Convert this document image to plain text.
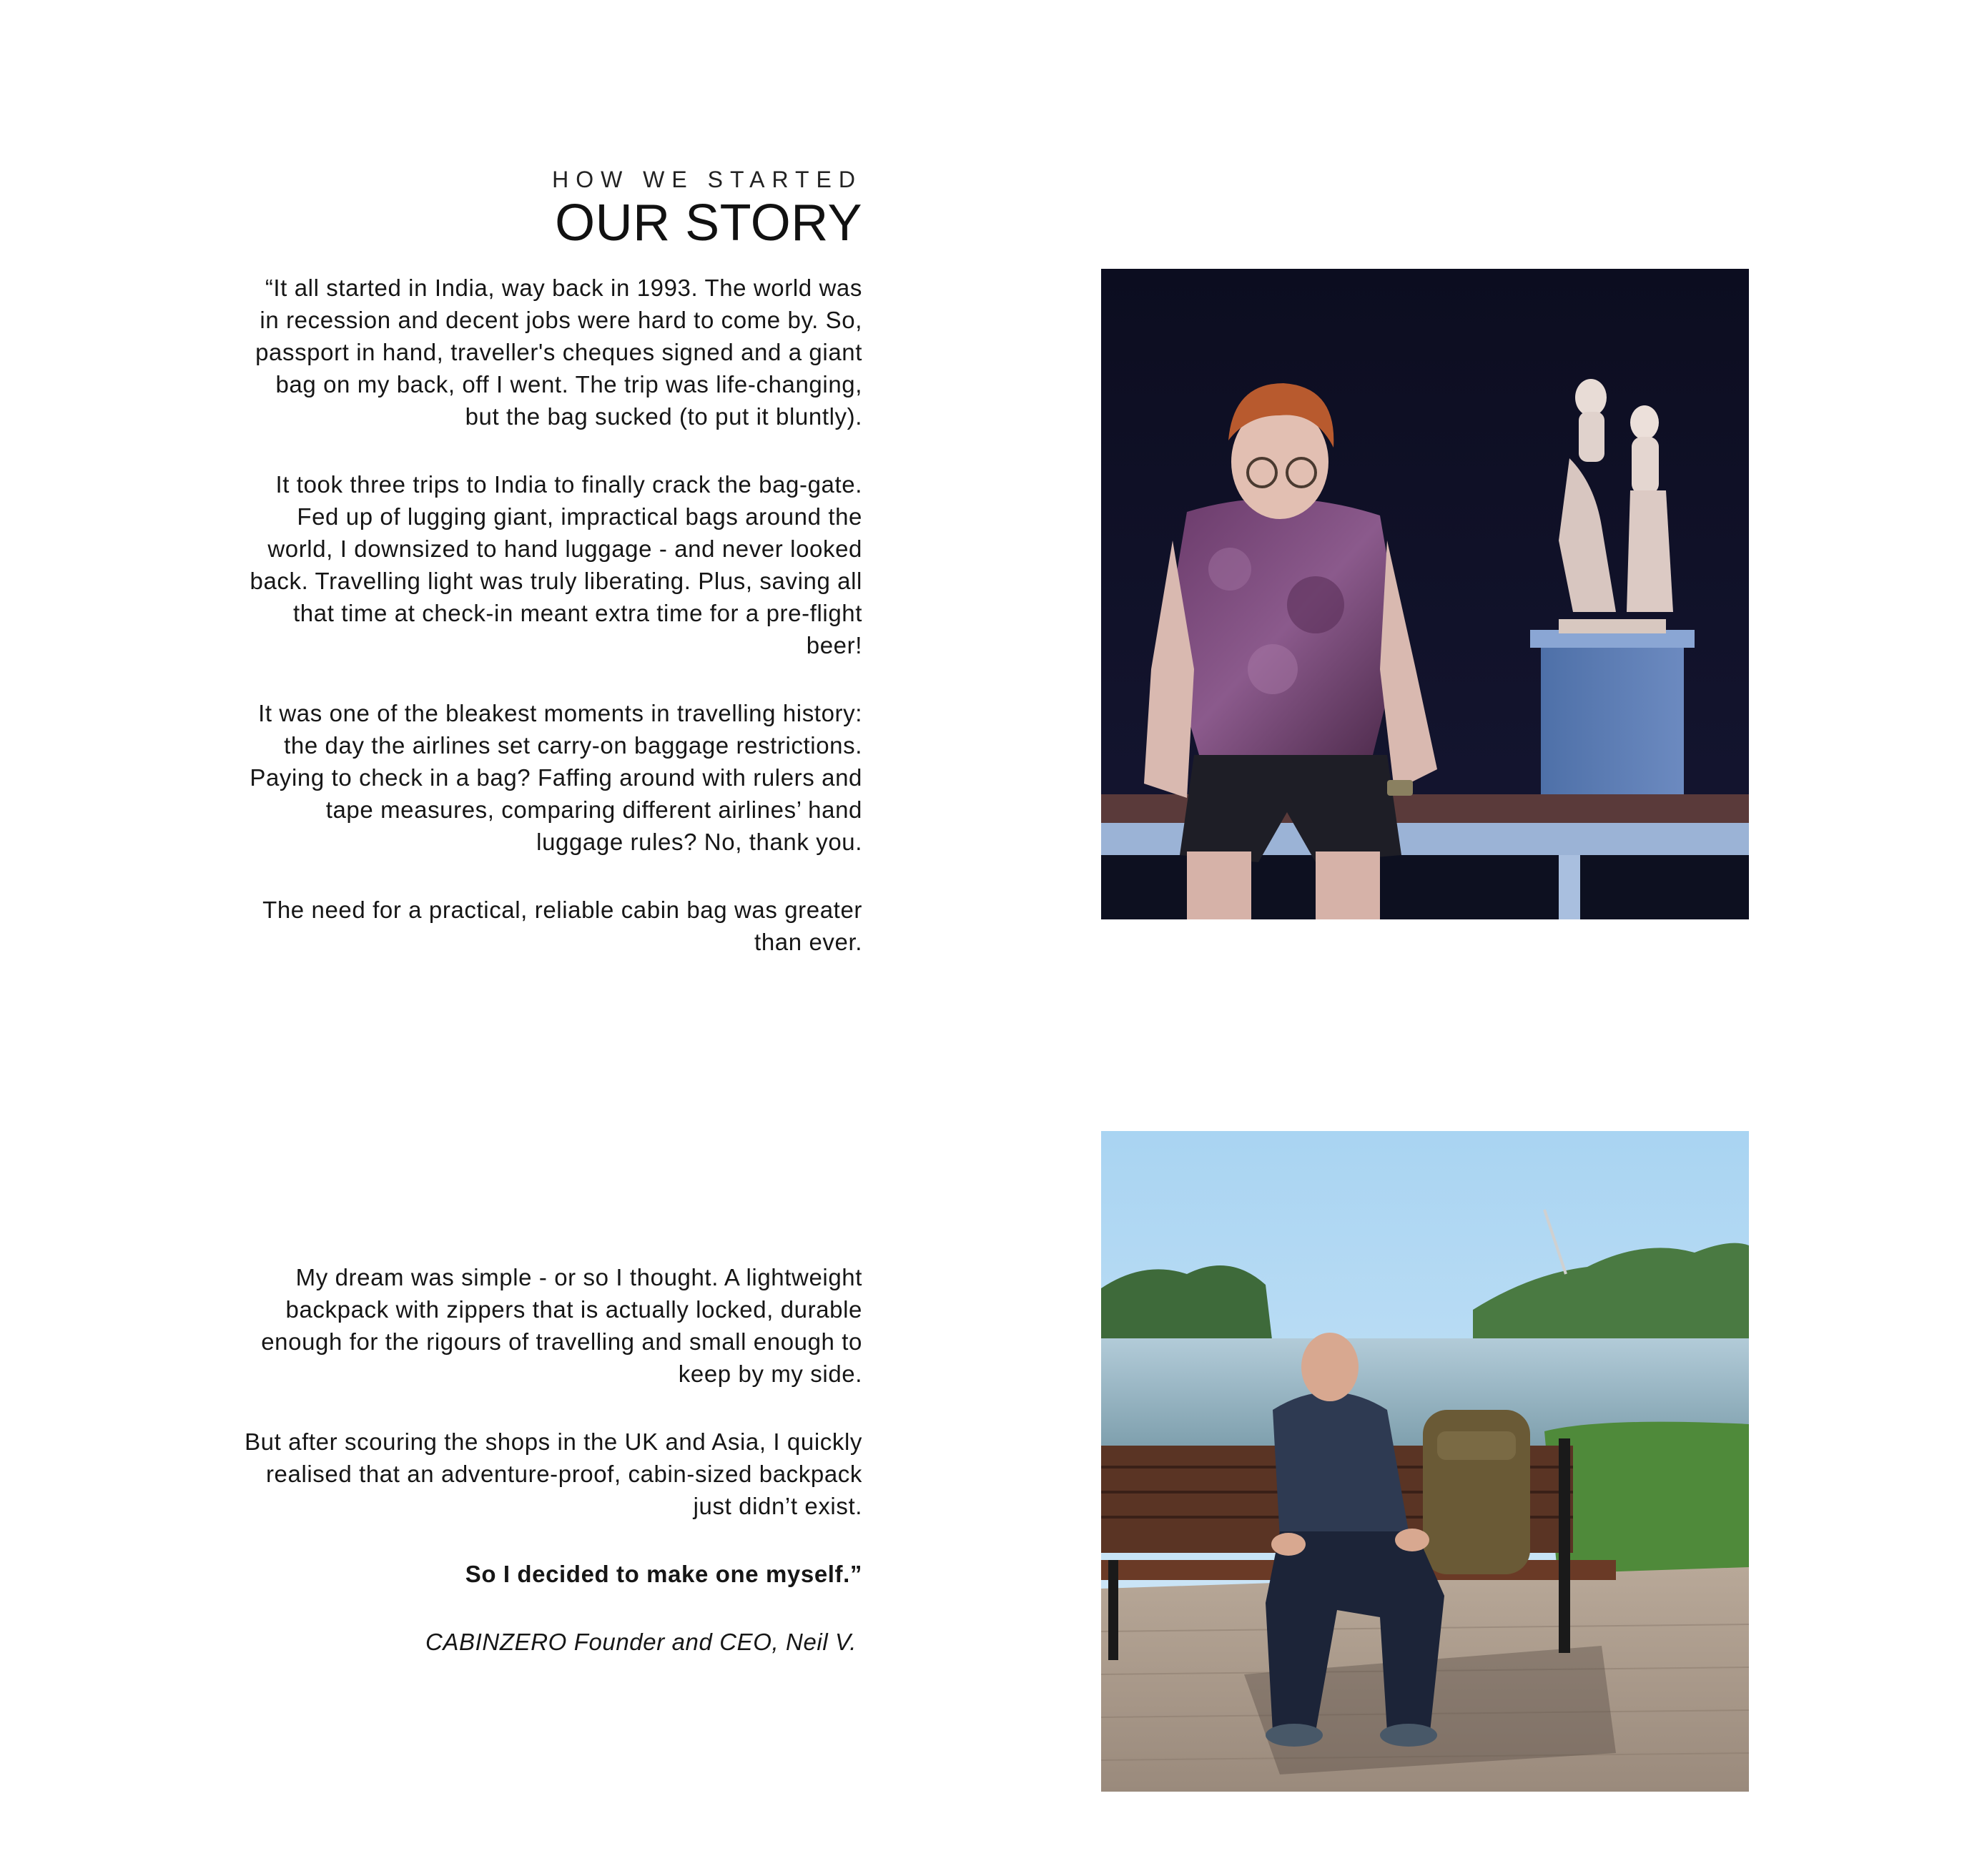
HOW WE STARTED
OUR STORY

“It all started in India, way back in 1993. The world was in recession and decent jobs were hard to come by. So, passport in hand, traveller's cheques signed and a giant bag on my back, off I went. The trip was life-changing, but the bag sucked (to put it bluntly).

It took three trips to India to finally crack the bag-gate. Fed up of lugging giant, impractical bags around the world, I downsized to hand luggage - and never looked back. Travelling light was truly liberating. Plus, saving all that time at check-in meant extra time for a pre-flight beer!

It was one of the bleakest moments in travelling history: the day the airlines set carry-on baggage restrictions. Paying to check in a bag? Faffing around with rulers and tape measures, comparing different airlines’ hand luggage rules? No, thank you.

The need for a practical, reliable cabin bag was greater than ever.

My dream was simple - or so I thought. A lightweight backpack with zippers that is actually locked, durable enough for the rigours of travelling and small enough to keep by my side.

But after scouring the shops in the UK and Asia, I quickly realised that an adventure-proof, cabin-sized backpack just didn’t exist.

So I decided to make one myself.”

CABINZERO Founder and CEO, Neil V.
